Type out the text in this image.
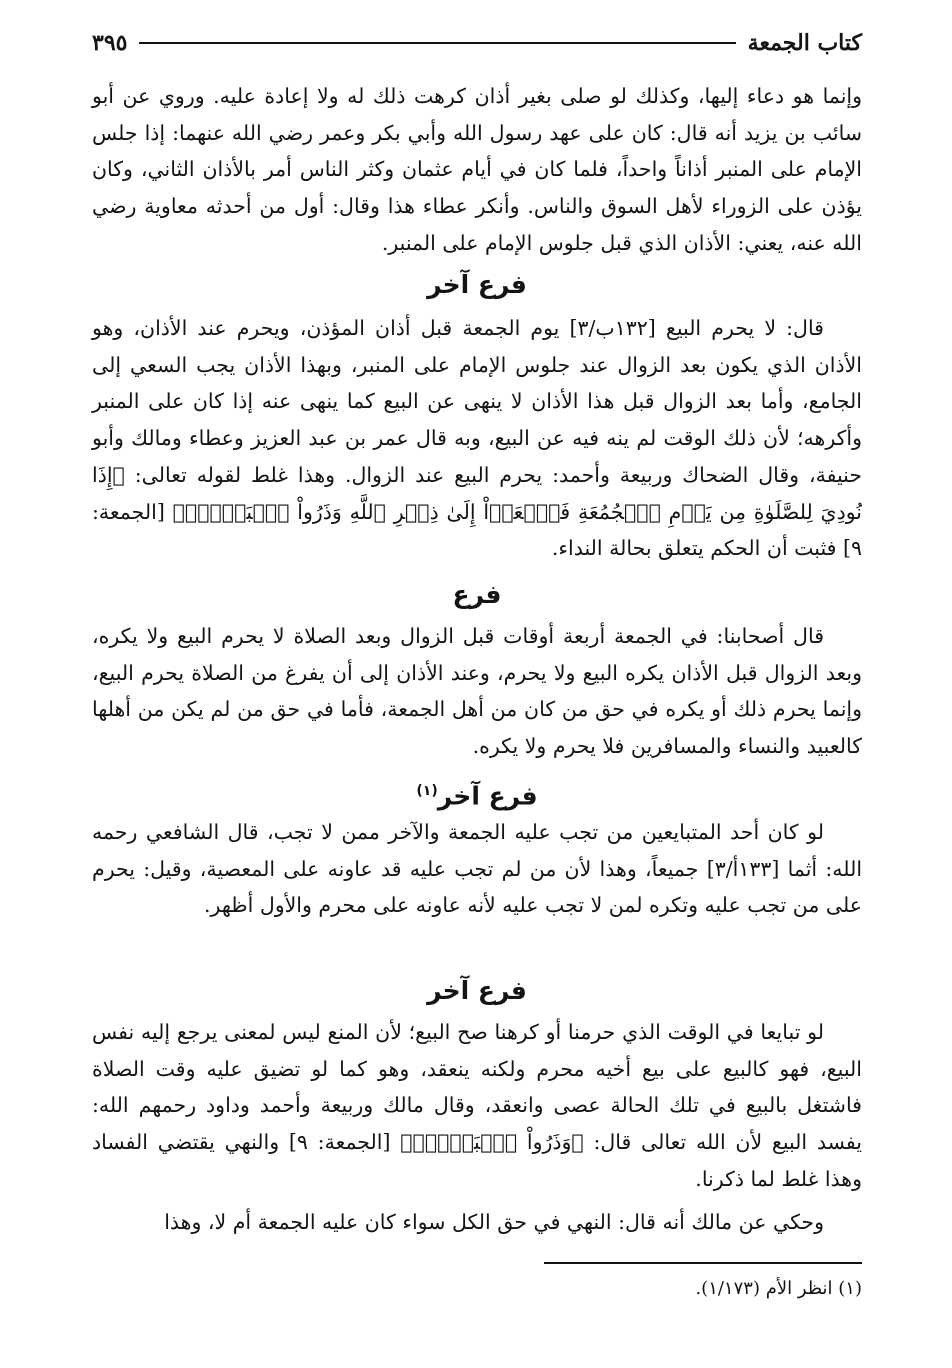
كتاب الجمعة
٣٩٥

وإنما هو دعاء إليها، وكذلك لو صلى بغير أذان كرهت ذلك له ولا إعادة عليه. وروي عن أبو سائب بن يزيد أنه قال: كان على عهد رسول الله وأبي بكر وعمر رضي الله عنهما: إذا جلس الإمام على المنبر أذاناً واحداً، فلما كان في أيام عثمان وكثر الناس أمر بالأذان الثاني، وكان يؤذن على الزوراء لأهل السوق والناس. وأنكر عطاء هذا وقال: أول من أحدثه معاوية رضي الله عنه، يعني: الأذان الذي قبل جلوس الإمام على المنبر.

فرع آخر

قال: لا يحرم البيع [١٣٢ب/٣] يوم الجمعة قبل أذان المؤذن، ويحرم عند الأذان، وهو الأذان الذي يكون بعد الزوال عند جلوس الإمام على المنبر، وبهذا الأذان يجب السعي إلى الجامع، وأما بعد الزوال قبل هذا الأذان لا ينهى عن البيع كما ينهى عنه إذا كان على المنبر وأكرهه؛ لأن ذلك الوقت لم ينه فيه عن البيع، وبه قال عمر بن عبد العزيز وعطاء ومالك وأبو حنيفة، وقال الضحاك وربيعة وأحمد: يحرم البيع عند الزوال. وهذا غلط لقوله تعالى: ﴿إِذَا نُودِيَ لِلصَّلَوٰةِ مِن يَوۡمِ ٱلۡجُمُعَةِ فَٱسۡعَوۡاْ إِلَىٰ ذِكۡرِ ٱللَّهِ وَذَرُواْ ٱلۡبَيۡعَۚ﴾ [الجمعة: ٩] فثبت أن الحكم يتعلق بحالة النداء.

فرع

قال أصحابنا: في الجمعة أربعة أوقات قبل الزوال وبعد الصلاة لا يحرم البيع ولا يكره، وبعد الزوال قبل الأذان يكره البيع ولا يحرم، وعند الأذان إلى أن يفرغ من الصلاة يحرم البيع، وإنما يحرم ذلك أو يكره في حق من كان من أهل الجمعة، فأما في حق من لم يكن من أهلها كالعبيد والنساء والمسافرين فلا يحرم ولا يكره.

فرع آخر$^{(١)}$

لو كان أحد المتبايعين من تجب عليه الجمعة والآخر ممن لا تجب، قال الشافعي رحمه الله: أثما [١٣٣أ/٣] جميعاً، وهذا لأن من لم تجب عليه قد عاونه على المعصية، وقيل: يحرم على من تجب عليه وتكره لمن لا تجب عليه لأنه عاونه على محرم والأول أظهر.

فرع آخر

لو تبايعا في الوقت الذي حرمنا أو كرهنا صح البيع؛ لأن المنع ليس لمعنى يرجع إليه نفس البيع، فهو كالبيع على بيع أخيه محرم ولكنه ينعقد، وهو كما لو تضيق عليه وقت الصلاة فاشتغل بالبيع في تلك الحالة عصى وانعقد، وقال مالك وربيعة وأحمد وداود رحمهم الله: يفسد البيع لأن الله تعالى قال: ﴿وَذَرُواْ ٱلۡبَيۡعَۚ﴾ [الجمعة: ٩] والنهي يقتضي الفساد وهذا غلط لما ذكرنا.

وحكي عن مالك أنه قال: النهي في حق الكل سواء كان عليه الجمعة أم لا، وهذا

(١) انظر الأم (١/١٧٣).
